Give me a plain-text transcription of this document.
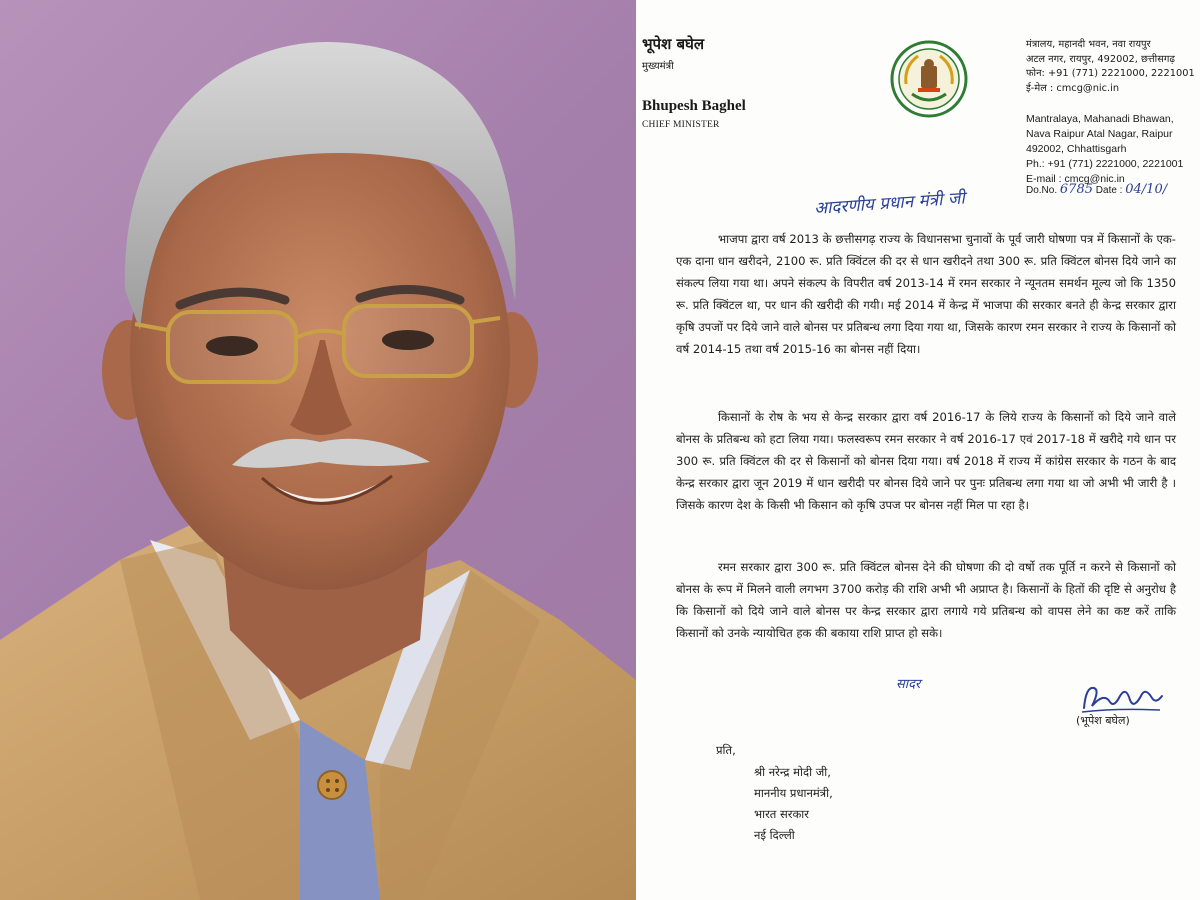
भूपेश बघेल
मुख्यमंत्री
Bhupesh Baghel
CHIEF MINISTER
मंत्रालय, महानदी भवन, नवा रायपुर
अटल नगर, रायपुर, 492002, छत्तीसगढ़
फोन: +91 (771) 2221000, 2221001
ई-मेल : cmcg@nic.in
Mantralaya, Mahanadi Bhawan,
Nava Raipur Atal Nagar, Raipur
492002, Chhattisgarh
Ph.: +91 (771) 2221000, 2221001
E-mail : cmcg@nic.in
Do.No. 6785 Date : 04/10/
आदरणीय प्रधान मंत्री जी

भाजपा द्वारा वर्ष 2013 के छत्तीसगढ़ राज्य के विधानसभा चुनावों के पूर्व जारी घोषणा पत्र में किसानों के एक-एक दाना धान खरीदने, 2100 रू. प्रति क्विंटल की दर से धान खरीदने तथा 300 रू. प्रति क्विंटल बोनस दिये जाने का संकल्प लिया गया था। अपने संकल्प के विपरीत वर्ष 2013-14 में रमन सरकार ने न्यूनतम समर्थन मूल्य जो कि 1350 रू. प्रति क्विंटल था, पर धान की खरीदी की गयी। मई 2014 में केन्द्र में भाजपा की सरकार बनते ही केन्द्र सरकार द्वारा कृषि उपजों पर दिये जाने वाले बोनस पर प्रतिबन्ध लगा दिया गया था, जिसके कारण रमन सरकार ने राज्य के किसानों को वर्ष 2014-15 तथा वर्ष 2015-16 का बोनस नहीं दिया।

किसानों के रोष के भय से केन्द्र सरकार द्वारा वर्ष 2016-17 के लिये राज्य के किसानों को दिये जाने वाले बोनस के प्रतिबन्ध को हटा लिया गया। फलस्वरूप रमन सरकार ने वर्ष 2016-17 एवं 2017-18 में खरीदे गये धान पर 300 रू. प्रति क्विंटल की दर से किसानों को बोनस दिया गया। वर्ष 2018 में राज्य में कांग्रेस सरकार के गठन के बाद केन्द्र सरकार द्वारा जून 2019 में धान खरीदी पर बोनस दिये जाने पर पुनः प्रतिबन्ध लगा गया था जो अभी भी जारी है । जिसके कारण देश के किसी भी किसान को कृषि उपज पर बोनस नहीं मिल पा रहा है।

रमन सरकार द्वारा 300 रू. प्रति क्विंटल बोनस देने की घोषणा की दो वर्षो तक पूर्ति न करने से किसानों को बोनस के रूप में मिलने वाली लगभग 3700 करोड़ की राशि अभी भी अप्राप्त है। किसानों के हितों की दृष्टि से अनुरोध है कि किसानों को दिये जाने वाले बोनस पर केन्द्र सरकार द्वारा लगाये गये प्रतिबन्ध को वापस लेने का कष्ट करें ताकि किसानों को उनके न्यायोचित हक की बकाया राशि प्राप्त हो सके।

सादर
(भूपेश बघेल)
प्रति,
श्री नरेन्द्र मोदी जी,
माननीय प्रधानमंत्री,
भारत सरकार
नई दिल्ली
